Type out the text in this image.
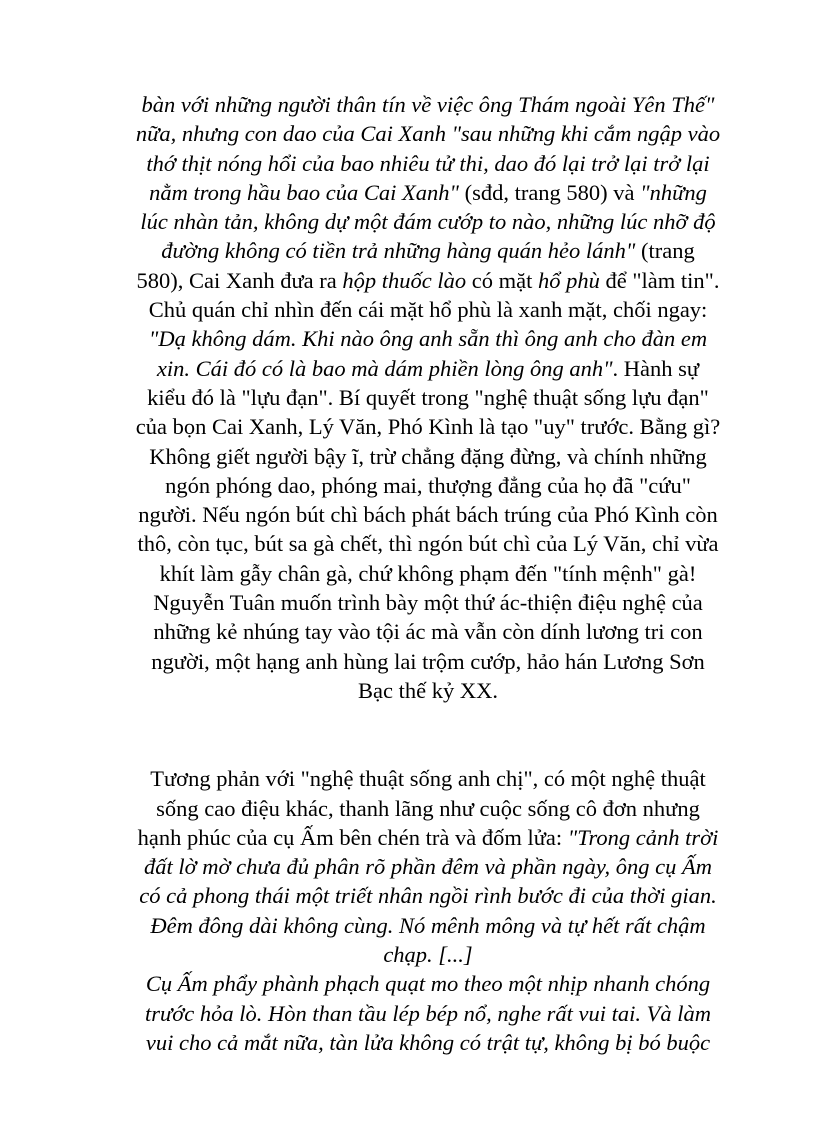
bàn với những người thân tín về việc ông Thám ngoài Yên Thế"
nữa, nhưng con dao của Cai Xanh "sau những khi cắm ngập vào
thớ thịt nóng hổi của bao nhiêu tử thi, dao đó lại trở lại trở lại
nằm trong hầu bao của Cai Xanh" (sđd, trang 580) và "những
lúc nhàn tản, không dự một đám cướp to nào, những lúc nhỡ độ
đường không có tiền trả những hàng quán hẻo lánh" (trang
580), Cai Xanh đưa ra hộp thuốc lào có mặt hổ phù để "làm tin".
Chủ quán chỉ nhìn đến cái mặt hổ phù là xanh mặt, chối ngay:
"Dạ không dám. Khi nào ông anh sẵn thì ông anh cho đàn em
xin. Cái đó có là bao mà dám phiền lòng ông anh". Hành sự
kiểu đó là "lựu đạn". Bí quyết trong "nghệ thuật sống lựu đạn"
của bọn Cai Xanh, Lý Văn, Phó Kình là tạo "uy" trước. Bằng gì?
Không giết người bậy ĩ, trừ chẳng đặng đừng, và chính những
ngón phóng dao, phóng mai, thượng đẳng của họ đã "cứu"
người. Nếu ngón bút chì bách phát bách trúng của Phó Kình còn
thô, còn tục, bút sa gà chết, thì ngón bút chì của Lý Văn, chỉ vừa
khít làm gẫy chân gà, chứ không phạm đến "tính mệnh" gà!
Nguyễn Tuân muốn trình bày một thứ ác-thiện điệu nghệ của
những kẻ nhúng tay vào tội ác mà vẫn còn dính lương tri con
người, một hạng anh hùng lai trộm cướp, hảo hán Lương Sơn
Bạc thế kỷ XX.
Tương phản với "nghệ thuật sống anh chị", có một nghệ thuật
sống cao điệu khác, thanh lãng như cuộc sống cô đơn nhưng
hạnh phúc của cụ Ấm bên chén trà và đốm lửa: "Trong cảnh trời
đất lờ mờ chưa đủ phân rõ phần đêm và phần ngày, ông cụ Ấm
có cả phong thái một triết nhân ngồi rình bước đi của thời gian.
Đêm đông dài không cùng. Nó mênh mông và tự hết rất chậm
chạp. [...]
Cụ Ấm phẩy phành phạch quạt mo theo một nhịp nhanh chóng
trước hỏa lò. Hòn than tầu lép bép nổ, nghe rất vui tai. Và làm
vui cho cả mắt nữa, tàn lửa không có trật tự, không bị bó buộc
